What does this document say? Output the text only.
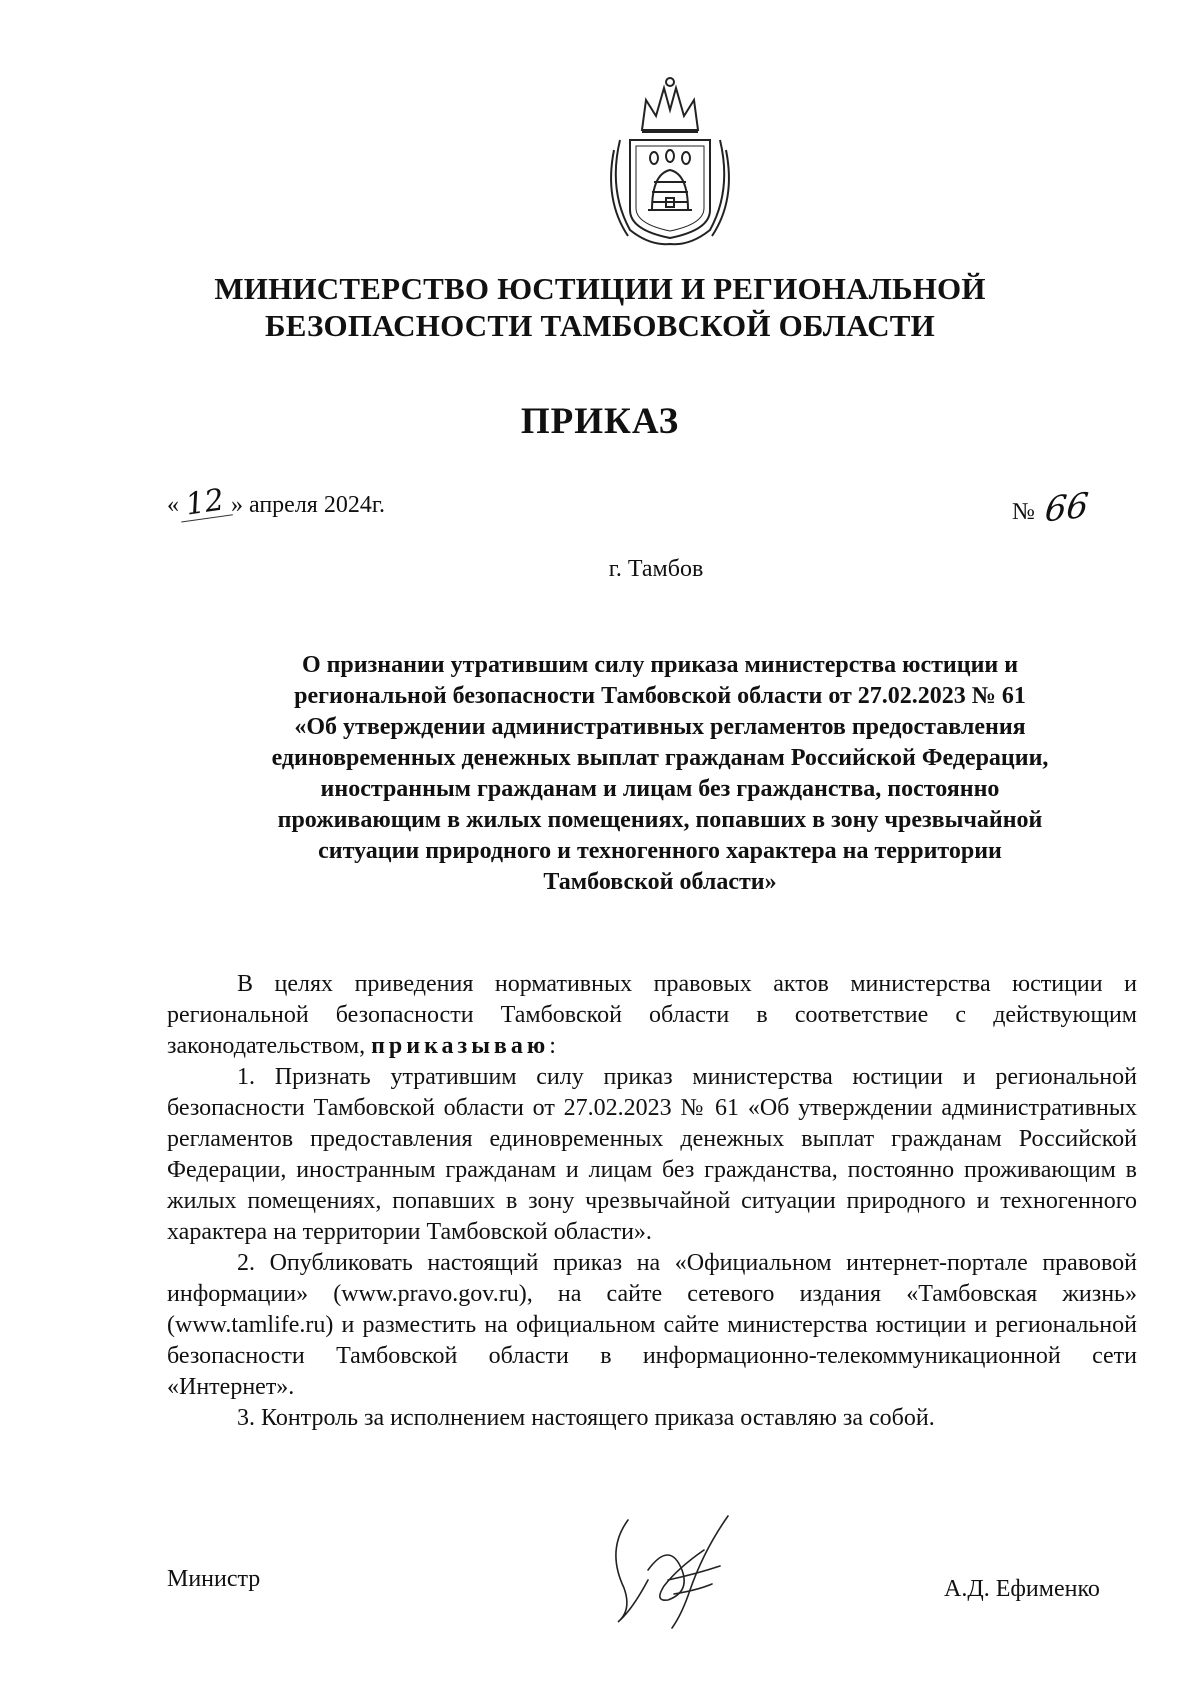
МИНИСТЕРСТВО ЮСТИЦИИ И РЕГИОНАЛЬНОЙ
БЕЗОПАСНОСТИ ТАМБОВСКОЙ ОБЛАСТИ
ПРИКАЗ
« 12 » апреля 2024г.	№ 66
г. Тамбов
О признании утратившим силу приказа министерства юстиции и
региональной безопасности Тамбовской области от 27.02.2023 № 61
«Об утверждении административных регламентов предоставления
единовременных денежных выплат гражданам Российской Федерации,
иностранным гражданам и лицам без гражданства, постоянно
проживающим в жилых помещениях, попавших в зону чрезвычайной
ситуации природного и техногенного характера на территории
Тамбовской области»

В целях приведения нормативных правовых актов министерства юстиции и региональной безопасности Тамбовской области в соответствие с действующим законодательством, приказываю:

1. Признать утратившим силу приказ министерства юстиции и региональной безопасности Тамбовской области от 27.02.2023 № 61 «Об утверждении административных регламентов предоставления единовременных денежных выплат гражданам Российской Федерации, иностранным гражданам и лицам без гражданства, постоянно проживающим в жилых помещениях, попавших в зону чрезвычайной ситуации природного и техногенного характера на территории Тамбовской области».

2. Опубликовать настоящий приказ на «Официальном интернет-портале правовой информации» (www.pravo.gov.ru), на сайте сетевого издания «Тамбовская жизнь» (www.tamlife.ru) и разместить на официальном сайте министерства юстиции и региональной безопасности Тамбовской области в информационно-телекоммуникационной сети «Интернет».

3. Контроль за исполнением настоящего приказа оставляю за собой.

Министр	А.Д. Ефименко
